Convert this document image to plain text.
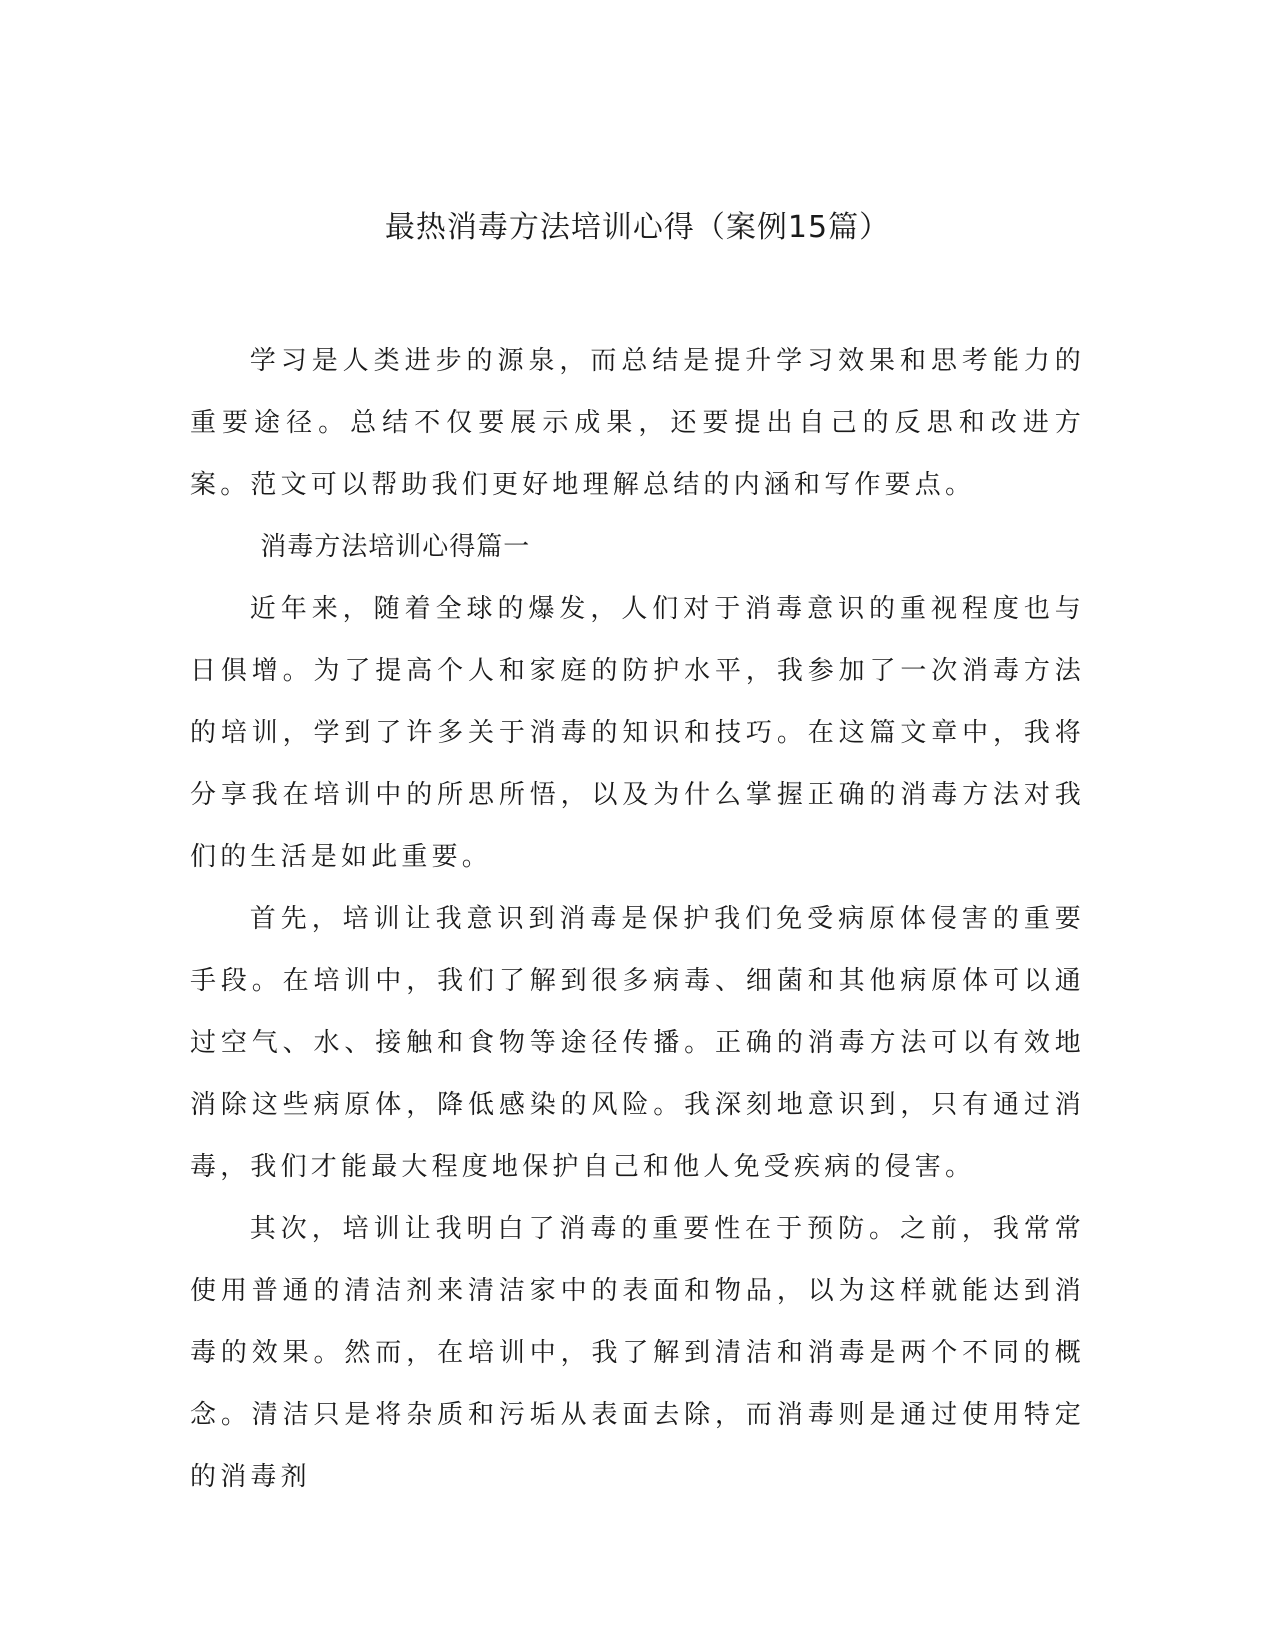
最热消毒方法培训心得（案例15篇）

学习是人类进步的源泉，而总结是提升学习效果和思考能力的重要途径。总结不仅要展示成果，还要提出自己的反思和改进方案。范文可以帮助我们更好地理解总结的内涵和写作要点。

消毒方法培训心得篇一

近年来，随着全球的爆发，人们对于消毒意识的重视程度也与日俱增。为了提高个人和家庭的防护水平，我参加了一次消毒方法的培训，学到了许多关于消毒的知识和技巧。在这篇文章中，我将分享我在培训中的所思所悟，以及为什么掌握正确的消毒方法对我们的生活是如此重要。

首先，培训让我意识到消毒是保护我们免受病原体侵害的重要手段。在培训中，我们了解到很多病毒、细菌和其他病原体可以通过空气、水、接触和食物等途径传播。正确的消毒方法可以有效地消除这些病原体，降低感染的风险。我深刻地意识到，只有通过消毒，我们才能最大程度地保护自己和他人免受疾病的侵害。

其次，培训让我明白了消毒的重要性在于预防。之前，我常常使用普通的清洁剂来清洁家中的表面和物品，以为这样就能达到消毒的效果。然而，在培训中，我了解到清洁和消毒是两个不同的概念。清洁只是将杂质和污垢从表面去除，而消毒则是通过使用特定的消毒剂
